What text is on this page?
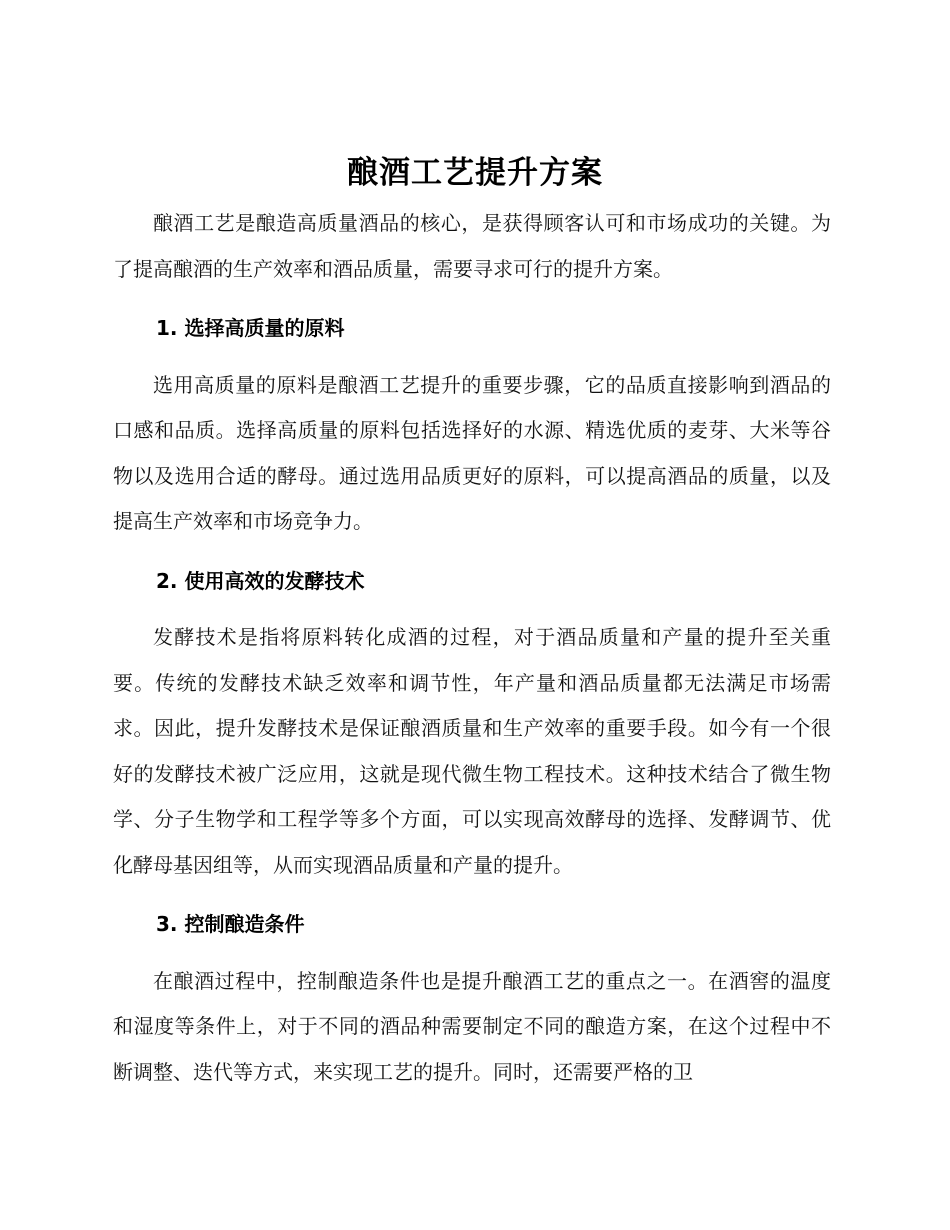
酿酒工艺提升方案

酿酒工艺是酿造高质量酒品的核心，是获得顾客认可和市场成功的关键。为了提高酿酒的生产效率和酒品质量，需要寻求可行的提升方案。

1. 选择高质量的原料

选用高质量的原料是酿酒工艺提升的重要步骤，它的品质直接影响到酒品的口感和品质。选择高质量的原料包括选择好的水源、精选优质的麦芽、大米等谷物以及选用合适的酵母。通过选用品质更好的原料，可以提高酒品的质量，以及提高生产效率和市场竞争力。

2. 使用高效的发酵技术

发酵技术是指将原料转化成酒的过程，对于酒品质量和产量的提升至关重要。传统的发酵技术缺乏效率和调节性，年产量和酒品质量都无法满足市场需求。因此，提升发酵技术是保证酿酒质量和生产效率的重要手段。如今有一个很好的发酵技术被广泛应用，这就是现代微生物工程技术。这种技术结合了微生物学、分子生物学和工程学等多个方面，可以实现高效酵母的选择、发酵调节、优化酵母基因组等，从而实现酒品质量和产量的提升。

3. 控制酿造条件

在酿酒过程中，控制酿造条件也是提升酿酒工艺的重点之一。在酒窖的温度和湿度等条件上，对于不同的酒品种需要制定不同的酿造方案，在这个过程中不断调整、迭代等方式，来实现工艺的提升。同时，还需要严格的卫
